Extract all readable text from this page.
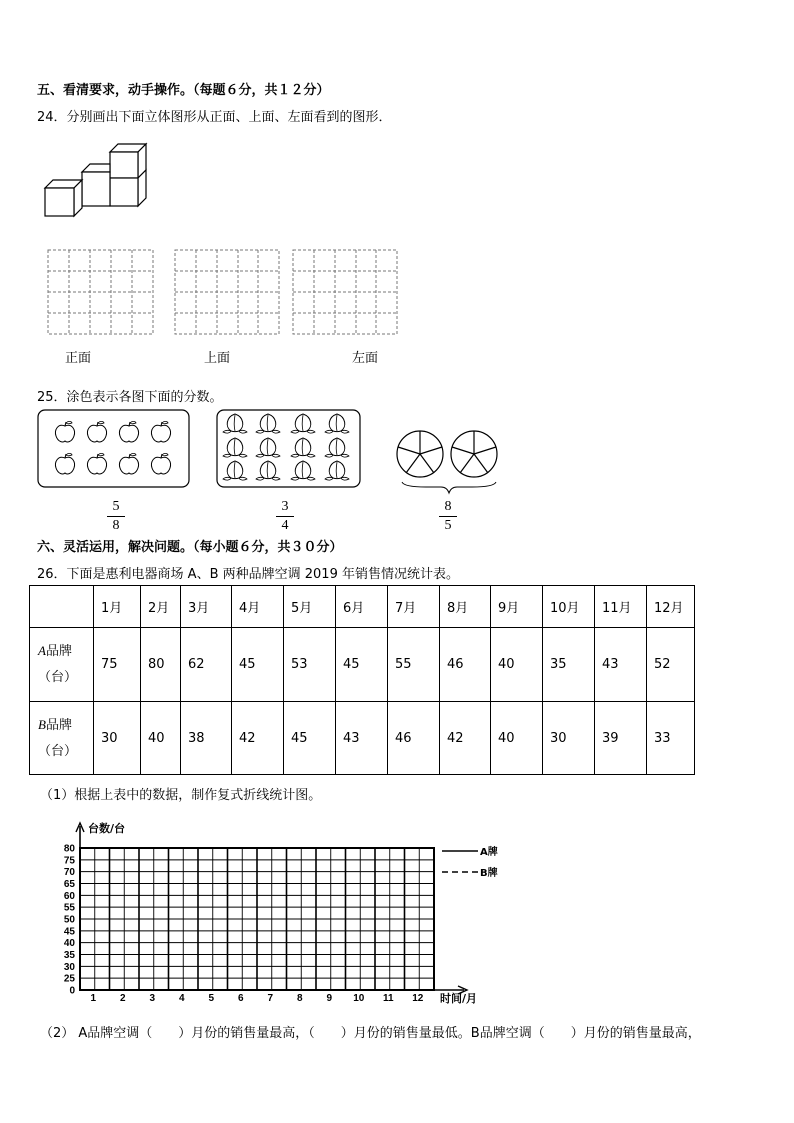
五、看清要求，动手操作。（每题６分，共１２分）
24．分别画出下面立体图形从正面、上面、左面看到的图形．
正面	上面	左面
25．涂色表示各图下面的分数。
5
8
3
4
8
5
六、灵活运用，解决问题。（每小题６分，共３０分）
26．下面是惠利电器商场 A、B 两种品牌空调 2019 年销售情况统计表。
	1月	2月	3月	4月	5月	6月	7月	8月	9月	10月	11月	12月
A品牌
（台）	75	80	62	45	53	45	55	46	40	35	43	52
B品牌
（台）	30	40	38	42	45	43	46	42	40	30	39	33
（1）根据上表中的数据，制作复式折线统计图。
0
25
30
35
40
45
50
55
60
65
70
75
80
1 2 3 4 5 6 7 8 9 10 11 12
台数/台
时间/月
A牌
B牌
（2） A品牌空调（　　）月份的销售量最高，（　　）月份的销售量最低。B品牌空调（　　）月份的销售量最高，
